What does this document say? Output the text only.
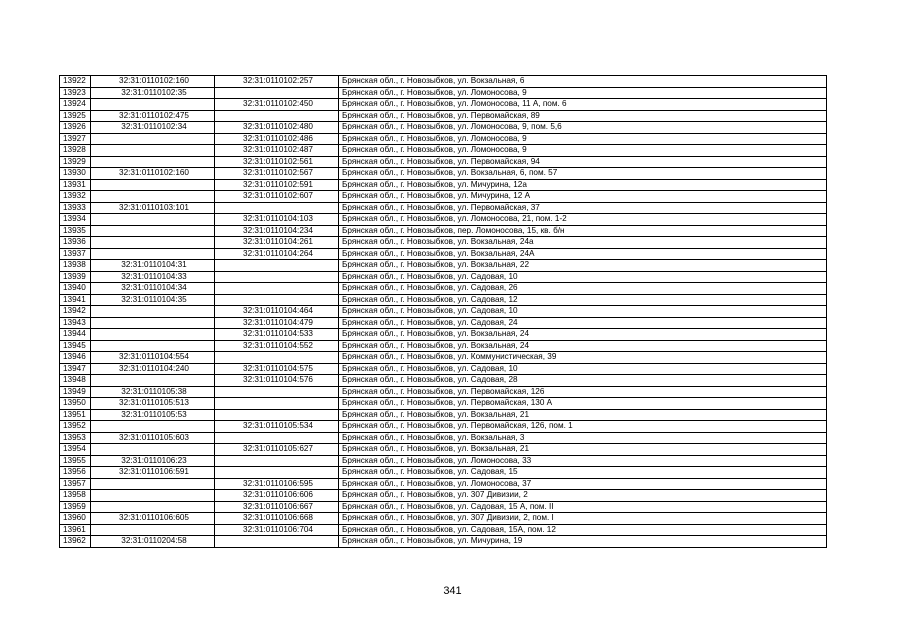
13922	32:31:0110102:160	32:31:0110102:257	Брянская обл., г. Новозыбков, ул. Вокзальная, 6
13923	32:31:0110102:35		Брянская обл., г. Новозыбков, ул. Ломоносова, 9
13924		32:31:0110102:450	Брянская обл., г. Новозыбков, ул. Ломоносова, 11 А, пом. 6
13925	32:31:0110102:475		Брянская обл., г. Новозыбков, ул. Первомайская, 89
13926	32:31:0110102:34	32:31:0110102:480	Брянская обл., г. Новозыбков, ул. Ломоносова, 9, пом. 5,6
13927		32:31:0110102:486	Брянская обл., г. Новозыбков, ул. Ломоносова, 9
13928		32:31:0110102:487	Брянская обл., г. Новозыбков, ул. Ломоносова, 9
13929		32:31:0110102:561	Брянская обл., г. Новозыбков, ул. Первомайская, 94
13930	32:31:0110102:160	32:31:0110102:567	Брянская обл., г. Новозыбков, ул. Вокзальная, 6, пом. 57
13931		32:31:0110102:591	Брянская обл., г. Новозыбков, ул. Мичурина, 12а
13932		32:31:0110102:607	Брянская обл., г. Новозыбков, ул. Мичурина, 12 А
13933	32:31:0110103:101		Брянская обл., г. Новозыбков, ул. Первомайская, 37
13934		32:31:0110104:103	Брянская обл., г. Новозыбков, ул. Ломоносова, 21, пом. 1-2
13935		32:31:0110104:234	Брянская обл., г. Новозыбков, пер. Ломоносова, 15, кв. б/н
13936		32:31:0110104:261	Брянская обл., г. Новозыбков, ул. Вокзальная, 24а
13937		32:31:0110104:264	Брянская обл., г. Новозыбков, ул. Вокзальная, 24А
13938	32:31:0110104:31		Брянская обл., г. Новозыбков, ул. Вокзальная, 22
13939	32:31:0110104:33		Брянская обл., г. Новозыбков, ул. Садовая, 10
13940	32:31:0110104:34		Брянская обл., г. Новозыбков, ул. Садовая, 26
13941	32:31:0110104:35		Брянская обл., г. Новозыбков, ул. Садовая, 12
13942		32:31:0110104:464	Брянская обл., г. Новозыбков, ул. Садовая, 10
13943		32:31:0110104:479	Брянская обл., г. Новозыбков, ул. Садовая, 24
13944		32:31:0110104:533	Брянская обл., г. Новозыбков, ул. Вокзальная, 24
13945		32:31:0110104:552	Брянская обл., г. Новозыбков, ул. Вокзальная, 24
13946	32:31:0110104:554		Брянская обл., г. Новозыбков, ул. Коммунистическая, 39
13947	32:31:0110104:240	32:31:0110104:575	Брянская обл., г. Новозыбков, ул. Садовая, 10
13948		32:31:0110104:576	Брянская обл., г. Новозыбков, ул. Садовая, 28
13949	32:31:0110105:38		Брянская обл., г. Новозыбков, ул. Первомайская, 126
13950	32:31:0110105:513		Брянская обл., г. Новозыбков, ул. Первомайская, 130 А
13951	32:31:0110105:53		Брянская обл., г. Новозыбков, ул. Вокзальная, 21
13952		32:31:0110105:534	Брянская обл., г. Новозыбков, ул. Первомайская, 126, пом. 1
13953	32:31:0110105:603		Брянская обл., г. Новозыбков, ул. Вокзальная, 3
13954		32:31:0110105:627	Брянская обл., г. Новозыбков, ул. Вокзальная, 21
13955	32:31:0110106:23		Брянская обл., г. Новозыбков, ул. Ломоносова, 33
13956	32:31:0110106:591		Брянская обл., г. Новозыбков, ул. Садовая, 15
13957		32:31:0110106:595	Брянская обл., г. Новозыбков, ул. Ломоносова, 37
13958		32:31:0110106:606	Брянская обл., г. Новозыбков, ул. 307 Дивизии, 2
13959		32:31:0110106:667	Брянская обл., г. Новозыбков, ул. Садовая, 15 А, пом. II
13960	32:31:0110106:605	32:31:0110106:668	Брянская обл., г. Новозыбков, ул. 307 Дивизии, 2, пом. I
13961		32:31:0110106:704	Брянская обл., г. Новозыбков, ул. Садовая, 15А, пом. 12
13962	32:31:0110204:58		Брянская обл., г. Новозыбков, ул. Мичурина, 19
341
